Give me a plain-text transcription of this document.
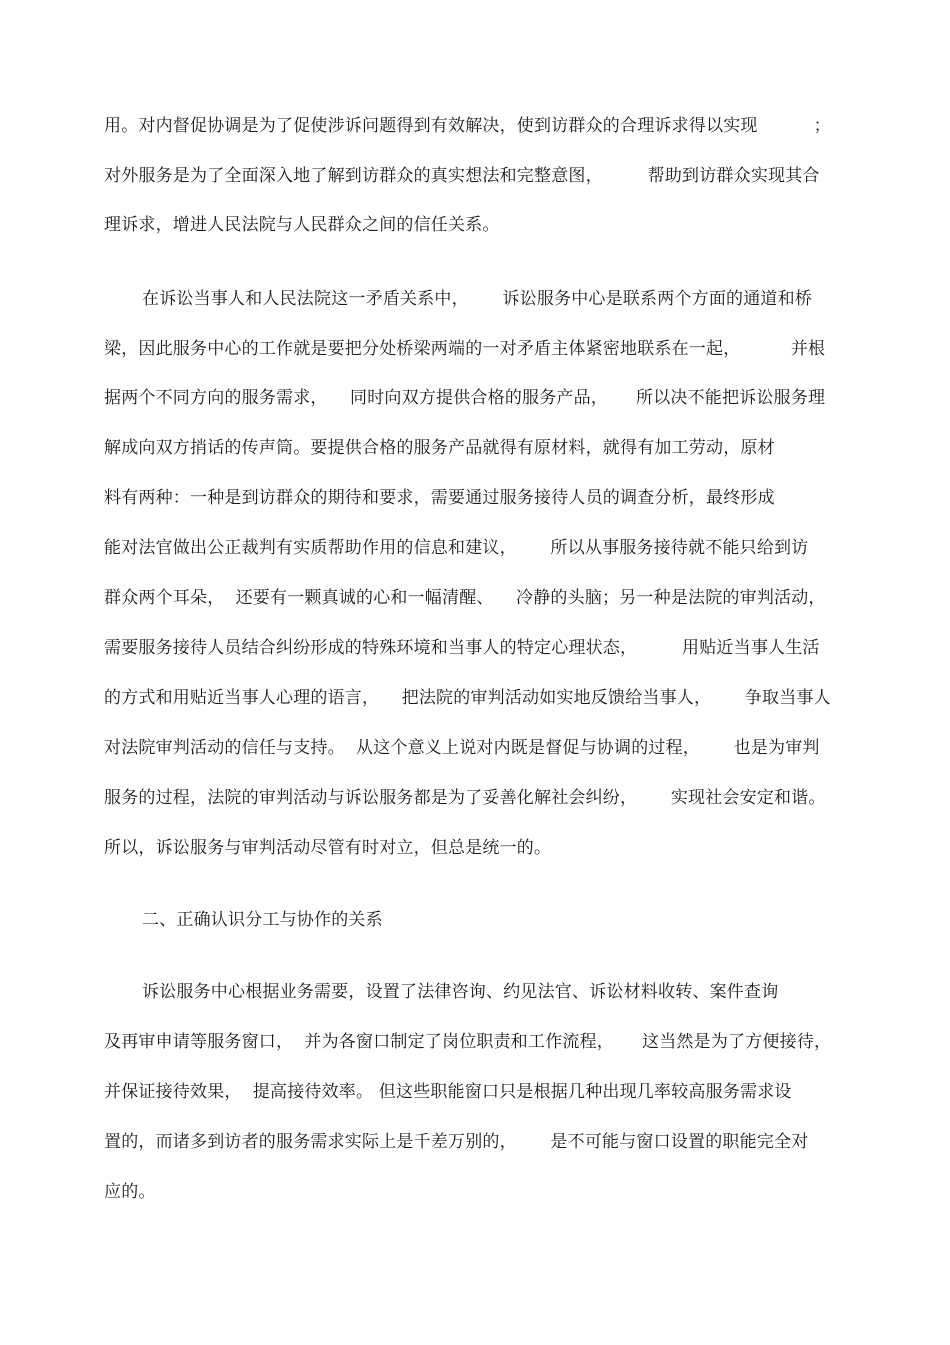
用。对内督促协调是为了促使涉诉问题得到有效解决，使到访群众的合理诉求得以实现          ；
对外服务是为了全面深入地了解到访群众的真实想法和完整意图，        帮助到访群众实现其合
理诉求，增进人民法院与人民群众之间的信任关系。
在诉讼当事人和人民法院这一矛盾关系中，      诉讼服务中心是联系两个方面的通道和桥
梁，因此服务中心的工作就是要把分处桥梁两端的一对矛盾主体紧密地联系在一起，         并根
据两个不同方向的服务需求，    同时向双方提供合格的服务产品，     所以决不能把诉讼服务理
解成向双方捎话的传声筒。要提供合格的服务产品就得有原材料，就得有加工劳动，原材
料有两种：一种是到访群众的期待和要求，需要通过服务接待人员的调查分析，最终形成
能对法官做出公正裁判有实质帮助作用的信息和建议，      所以从事服务接待就不能只给到访
群众两个耳朵，  还要有一颗真诚的心和一幅清醒、    冷静的头脑；另一种是法院的审判活动，
需要服务接待人员结合纠纷形成的特殊环境和当事人的特定心理状态，        用贴近当事人生活
的方式和用贴近当事人心理的语言，    把法院的审判活动如实地反馈给当事人，      争取当事人
对法院审判活动的信任与支持。  从这个意义上说对内既是督促与协调的过程，      也是为审判
服务的过程，法院的审判活动与诉讼服务都是为了妥善化解社会纠纷，      实现社会安定和谐。
所以，诉讼服务与审判活动尽管有时对立，但总是统一的。
二、正确认识分工与协作的关系
诉讼服务中心根据业务需要，设置了法律咨询、约见法官、诉讼材料收转、案件查询
及再审申请等服务窗口，  并为各窗口制定了岗位职责和工作流程，     这当然是为了方便接待，
并保证接待效果，  提高接待效率。 但这些职能窗口只是根据几种出现几率较高服务需求设
置的，而诸多到访者的服务需求实际上是千差万别的，      是不可能与窗口设置的职能完全对
应的。
